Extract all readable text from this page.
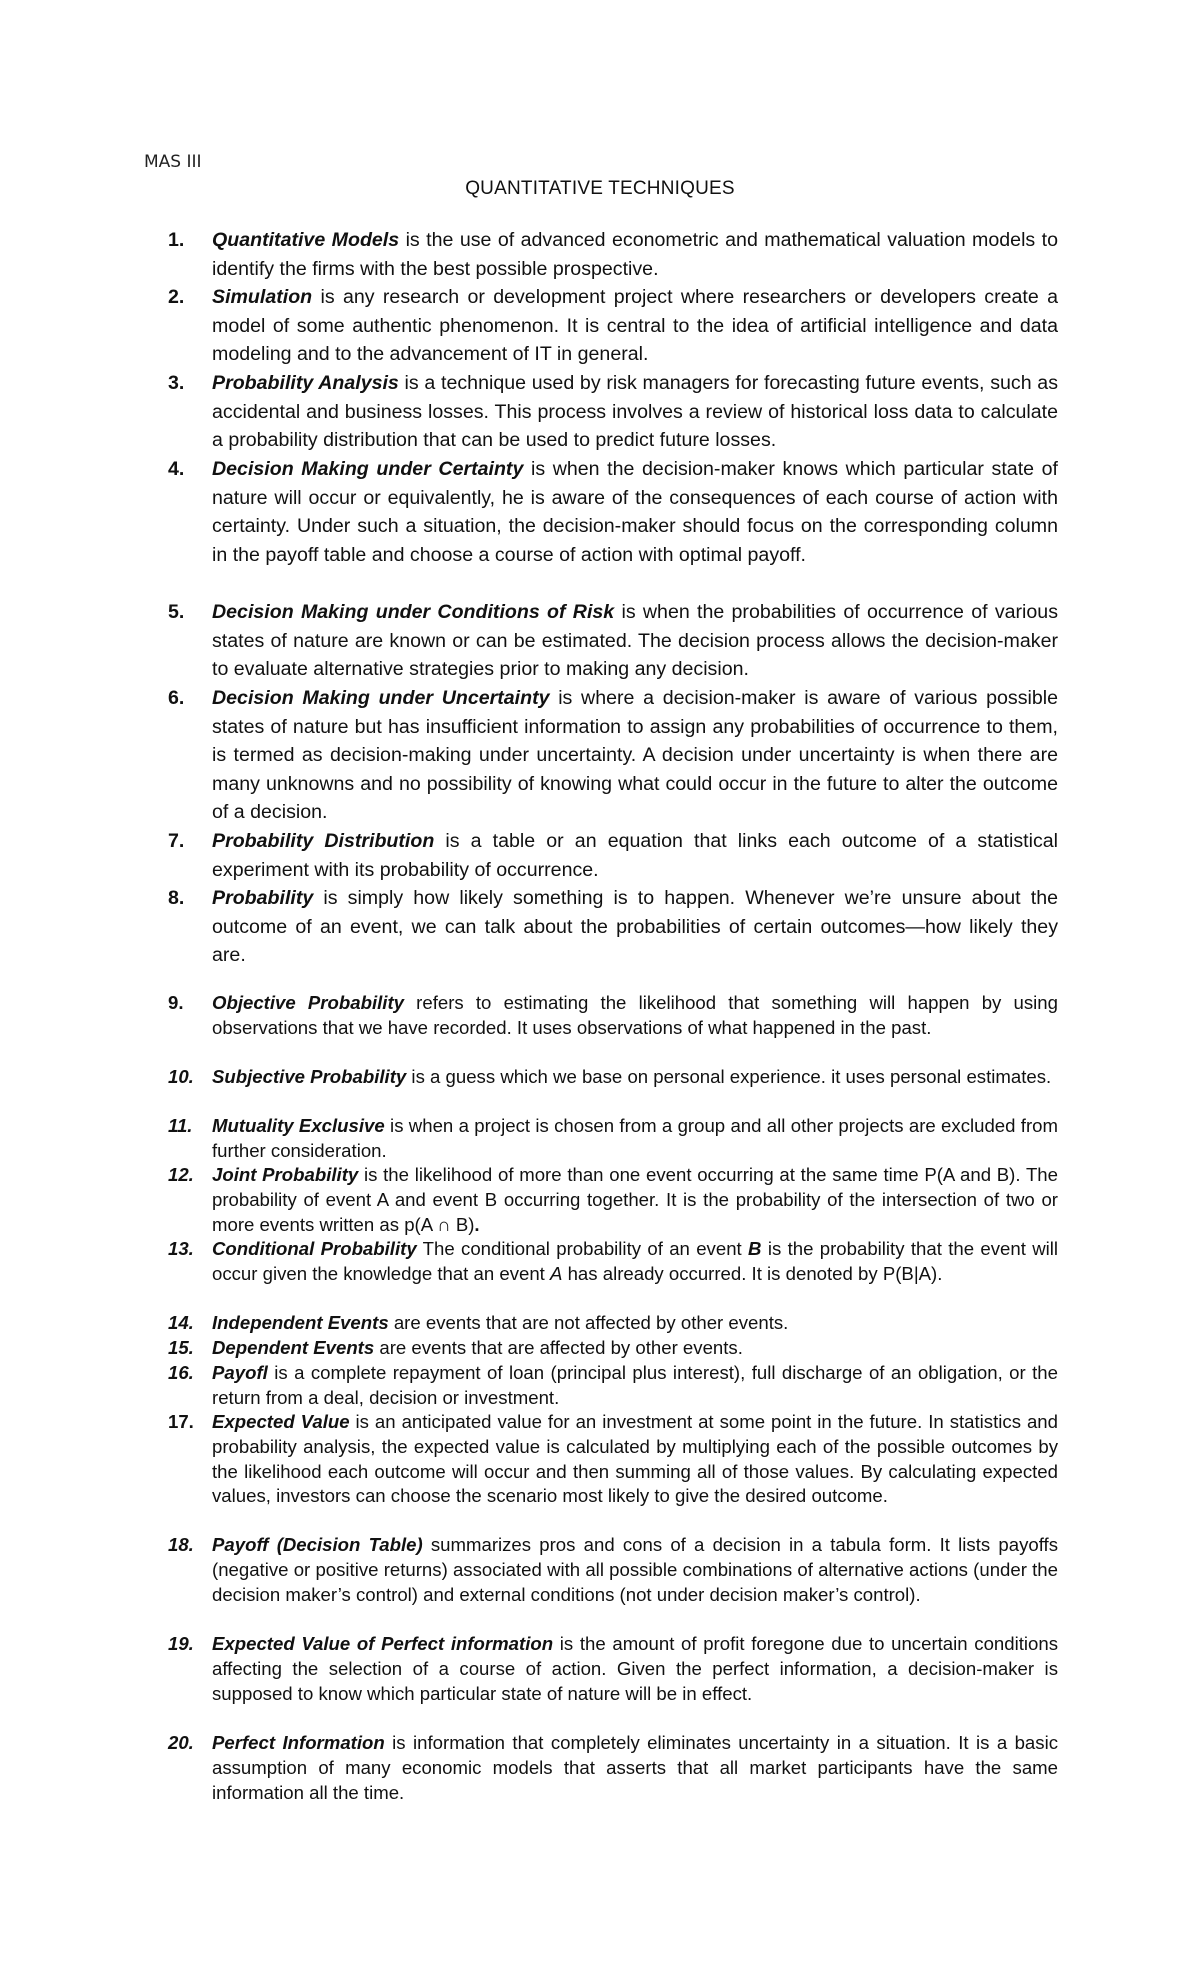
MAS III
QUANTITATIVE TECHNIQUES
1.	Quantitative Models is the use of advanced econometric and mathematical valuation models to identify the firms with the best possible prospective.
2.	Simulation is any research or development project where researchers or developers create a model of some authentic phenomenon. It is central to the idea of artificial intelligence and data modeling and to the advancement of IT in general.
3.	Probability Analysis is a technique used by risk managers for forecasting future events, such as accidental and business losses. This process involves a review of historical loss data to calculate a probability distribution that can be used to predict future losses.
4.	Decision Making under Certainty is when the decision-maker knows which particular state of nature will occur or equivalently, he is aware of the consequences of each course of action with certainty. Under such a situation, the decision-maker should focus on the corresponding column in the payoff table and choose a course of action with optimal payoff.
5.	Decision Making under Conditions of Risk is when the probabilities of occurrence of various states of nature are known or can be estimated. The decision process allows the decision-maker to evaluate alternative strategies prior to making any decision.
6.	Decision Making under Uncertainty is where a decision-maker is aware of various possible states of nature but has insufficient information to assign any probabilities of occurrence to them, is termed as decision-making under uncertainty. A decision under uncertainty is when there are many unknowns and no possibility of knowing what could occur in the future to alter the outcome of a decision.
7.	Probability Distribution is a table or an equation that links each outcome of a statistical experiment with its probability of occurrence.
8.	Probability is simply how likely something is to happen. Whenever we’re unsure about the outcome of an event, we can talk about the probabilities of certain outcomes—how likely they are.
9.	Objective Probability refers to estimating the likelihood that something will happen by using observations that we have recorded. It uses observations of what happened in the past.
10. Subjective Probability is a guess which we base on personal experience. it uses personal estimates.
11.	Mutuality Exclusive is when a project is chosen from a group and all other projects are excluded from further consideration.
12. Joint Probability is the likelihood of more than one event occurring at the same time P(A and B). The probability of event A and event B occurring together. It is the probability of the intersection of two or more events written as p(A ∩ B).
13. Conditional Probability The conditional probability of an event B is the probability that the event will occur given the knowledge that an event A has already occurred. It is denoted by P(B|A).
14. Independent Events are events that are not affected by other events.
15. Dependent Events are events that are affected by other events.
16. Payofl is a complete repayment of loan (principal plus interest), full discharge of an obligation, or the return from a deal, decision or investment.
17. Expected Value is an anticipated value for an investment at some point in the future. In statistics and probability analysis, the expected value is calculated by multiplying each of the possible outcomes by the likelihood each outcome will occur and then summing all of those values. By calculating expected values, investors can choose the scenario most likely to give the desired outcome.
18. Payoff (Decision Table) summarizes pros and cons of a decision in a tabula form. It lists payoffs (negative or positive returns) associated with all possible combinations of alternative actions (under the decision maker’s control) and external conditions (not under decision maker’s control).
19. Expected Value of Perfect information is the amount of profit foregone due to uncertain conditions affecting the selection of a course of action. Given the perfect information, a decision-maker is supposed to know which particular state of nature will be in effect.
20. Perfect Information is information that completely eliminates uncertainty in a situation. It is a basic assumption of many economic models that asserts that all market participants have the same information all the time.
